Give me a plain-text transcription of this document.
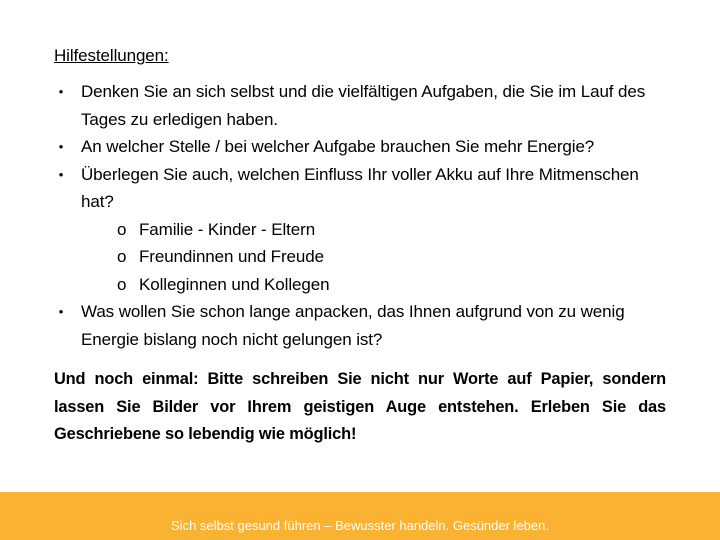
Hilfestellungen:
• Denken Sie an sich selbst und die vielfältigen Aufgaben, die Sie im Lauf des Tages zu erledigen haben.
• An welcher Stelle / bei welcher Aufgabe brauchen Sie mehr Energie?
• Überlegen Sie auch, welchen Einfluss Ihr voller Akku auf Ihre Mitmenschen hat?
o Familie - Kinder - Eltern
o Freundinnen und Freude
o Kolleginnen und Kollegen
• Was wollen Sie schon lange anpacken, das Ihnen aufgrund von zu wenig Energie bislang noch nicht gelungen ist?
Und noch einmal: Bitte schreiben Sie nicht nur Worte auf Papier, sondern lassen Sie Bilder vor Ihrem geistigen Auge entstehen. Erleben Sie das Geschriebene so lebendig wie möglich!
Sich selbst gesund führen – Bewusster handeln. Gesünder leben.
